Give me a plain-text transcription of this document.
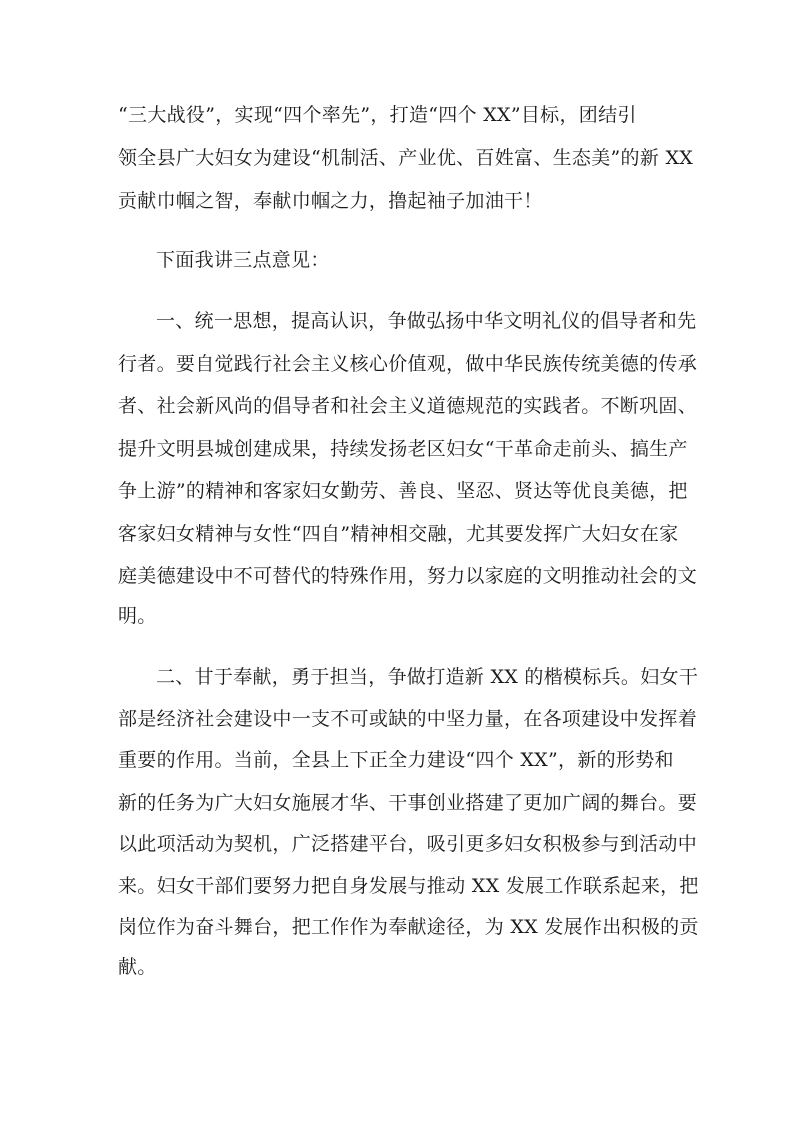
“三大战役”，实现“四个率先”，打造“四个 XX”目标，团结引
领全县广大妇女为建设“机制活、产业优、百姓富、生态美”的新 XX
贡献巾帼之智，奉献巾帼之力，撸起袖子加油干！
下面我讲三点意见：
一、统一思想，提高认识，争做弘扬中华文明礼仪的倡导者和先
行者。要自觉践行社会主义核心价值观，做中华民族传统美德的传承
者、社会新风尚的倡导者和社会主义道德规范的实践者。不断巩固、
提升文明县城创建成果，持续发扬老区妇女“干革命走前头、搞生产
争上游”的精神和客家妇女勤劳、善良、坚忍、贤达等优良美德，把
客家妇女精神与女性“四自”精神相交融，尤其要发挥广大妇女在家
庭美德建设中不可替代的特殊作用，努力以家庭的文明推动社会的文
明。
二、甘于奉献，勇于担当，争做打造新 XX 的楷模标兵。妇女干
部是经济社会建设中一支不可或缺的中坚力量，在各项建设中发挥着
重要的作用。当前，全县上下正全力建设“四个 XX”，新的形势和
新的任务为广大妇女施展才华、干事创业搭建了更加广阔的舞台。要
以此项活动为契机，广泛搭建平台，吸引更多妇女积极参与到活动中
来。妇女干部们要努力把自身发展与推动 XX 发展工作联系起来，把
岗位作为奋斗舞台，把工作作为奉献途径，为 XX 发展作出积极的贡
献。
